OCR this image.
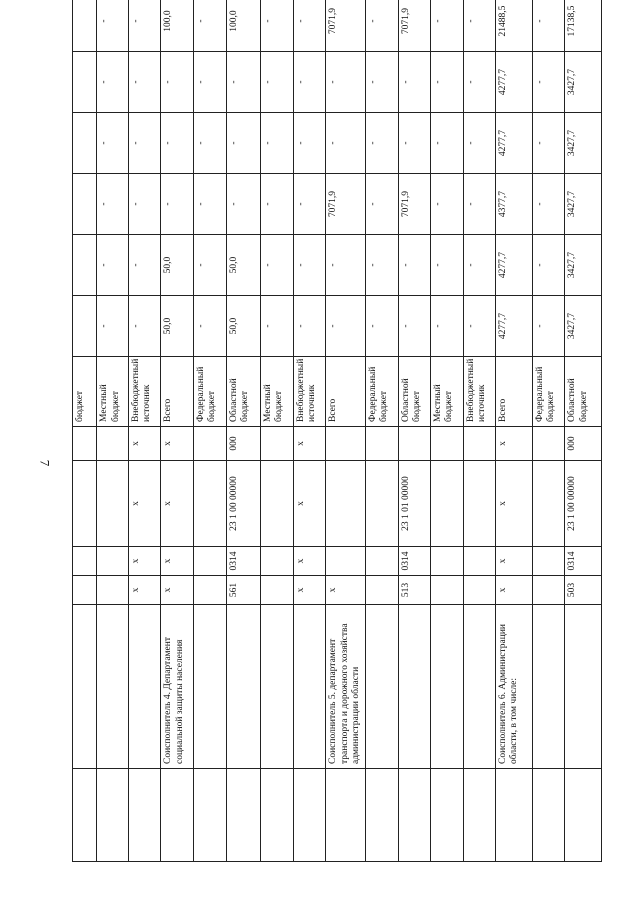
7
						бюджет						
						Местный бюджет	-	-	-	-	-	-
		х	х	х	х	Внебюджетный источник	-	-	-	-	-	-
	Соисполнитель 4. Департамент социальной защиты населения	х	х	х	х	Всего	50,0	50,0	-	-	-	100,0
						Федеральный бюджет	-	-	-	-	-	-
		561	0314	23 1 00 00000	000	Областной бюджет	50,0	50,0	-	-	-	100,0
						Местный бюджет	-	-	-	-	-	-
		х	х	х	х	Внебюджетный источник	-	-	-	-	-	-
	Соисполнитель 5. департамент транспорта и дорожного хозяйства администрации области	х				Всего	-	-	7071,9	-	-	7071,9
						Федеральный бюджет	-	-	-	-	-	-
		513	0314	23 1 01 00000		Областной бюджет	-	-	7071,9	-	-	7071,9
						Местный бюджет	-	-	-	-	-	-
						Внебюджетный источник	-	-	-	-	-	-
	Соисполнитель 6. Администрации области, в том числе:	х	х	х	х	Всего	4277,7	4277,7	4377,7	4277,7	4277,7	21488,5
						Федеральный бюджет	-	-	-	-	-	-
		503	0314	23 1 00 00000	000	Областной бюджет	3427,7	3427,7	3427,7	3427,7	3427,7	17138,5
